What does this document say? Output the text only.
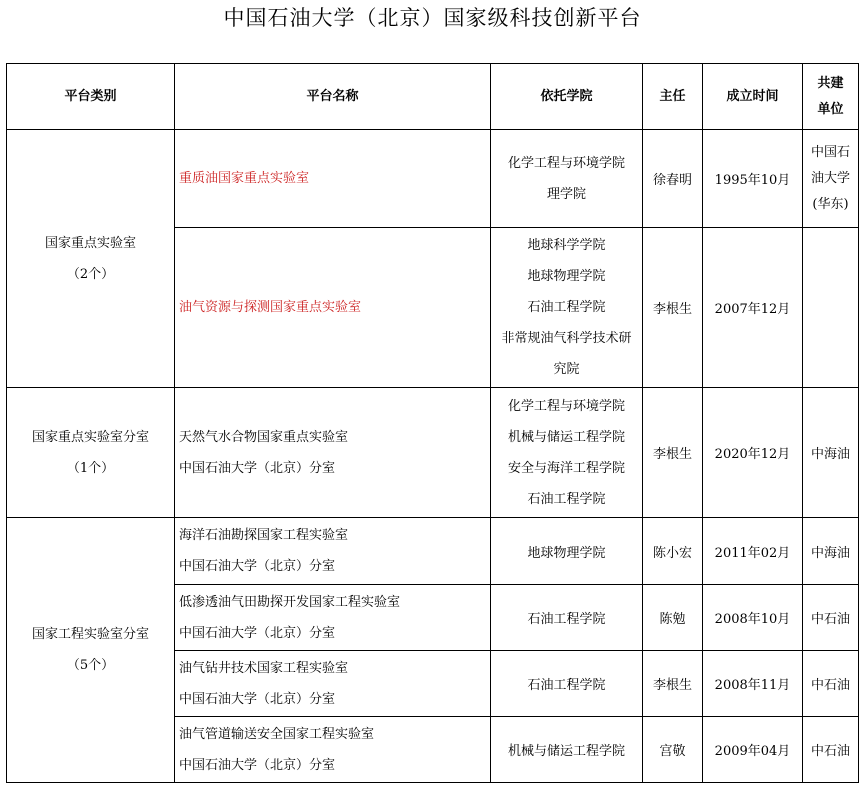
中国石油大学（北京）国家级科技创新平台
平台类别	平台名称	依托学院	主任	成立时间	共建
单位

国家重点实验室
（2个）	重质油国家重点实验室	化学工程与环境学院
理学院	徐春明	1995年10月	中国石
油大学
(华东)

	油气资源与探测国家重点实验室	地球科学学院
地球物理学院
石油工程学院
非常规油气科学技术研
究院	李根生	2007年12月	

国家重点实验室分室
（1个）	天然气水合物国家重点实验室
中国石油大学（北京）分室	化学工程与环境学院
机械与储运工程学院
安全与海洋工程学院
石油工程学院	李根生	2020年12月	中海油

国家工程实验室分室
（5个）	海洋石油勘探国家工程实验室
中国石油大学（北京）分室	地球物理学院	陈小宏	2011年02月	中海油

	低渗透油气田勘探开发国家工程实验室
中国石油大学（北京）分室	石油工程学院	陈勉	2008年10月	中石油

	油气钻井技术国家工程实验室
中国石油大学（北京）分室	石油工程学院	李根生	2008年11月	中石油

	油气管道输送安全国家工程实验室
中国石油大学（北京）分室	机械与储运工程学院	宫敬	2009年04月	中石油
